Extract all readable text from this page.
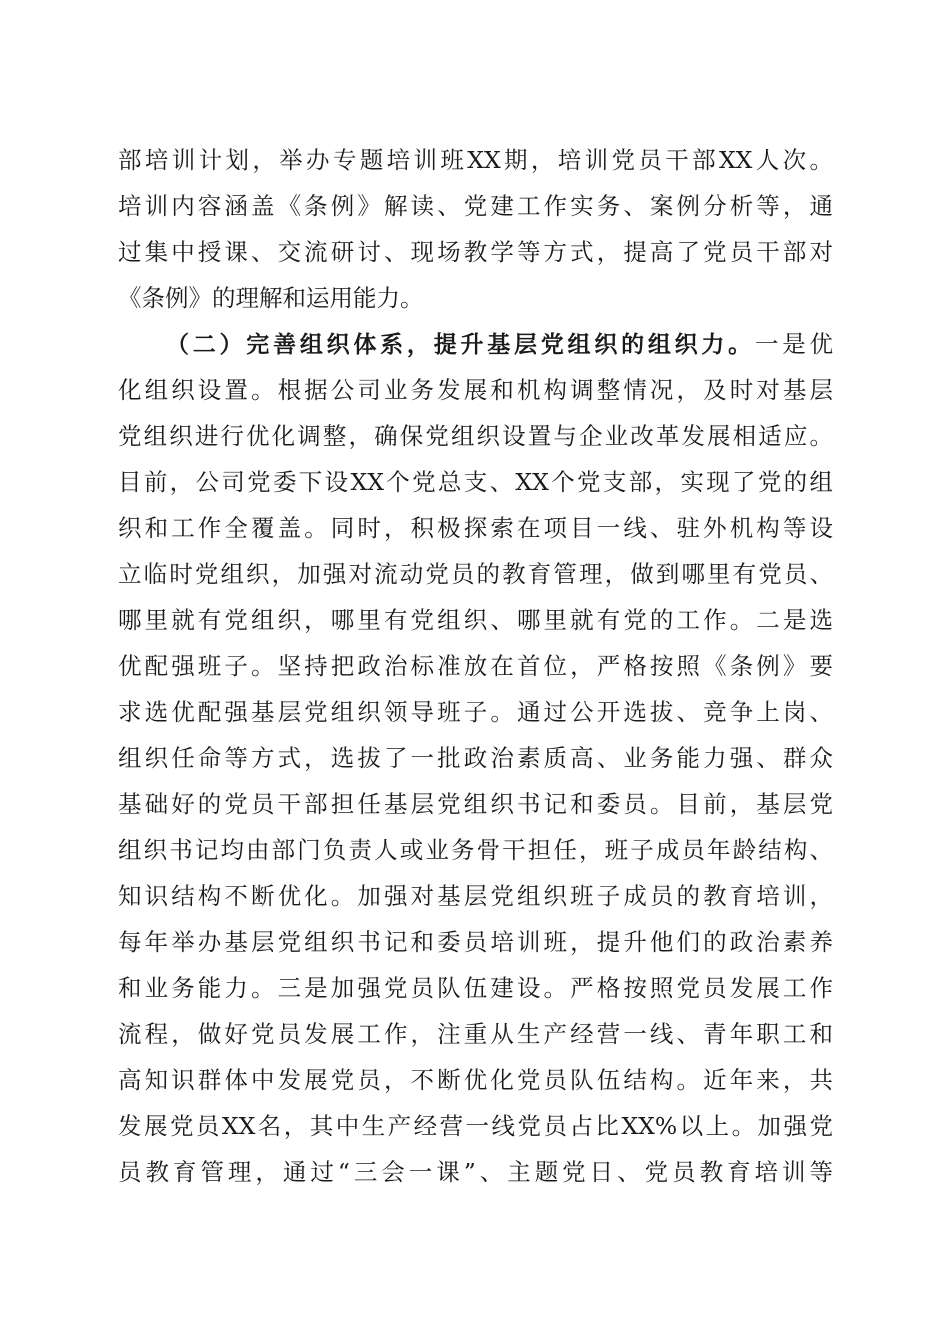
部培训计划，举办专题培训班XX期，培训党员干部XX人次。
培训内容涵盖《条例》解读、党建工作实务、案例分析等，通
过集中授课、交流研讨、现场教学等方式，提高了党员干部对
《条例》的理解和运用能力。
（二）完善组织体系，提升基层党组织的组织力。一是优
化组织设置。根据公司业务发展和机构调整情况，及时对基层
党组织进行优化调整，确保党组织设置与企业改革发展相适应。
目前，公司党委下设XX个党总支、XX个党支部，实现了党的组
织和工作全覆盖。同时，积极探索在项目一线、驻外机构等设
立临时党组织，加强对流动党员的教育管理，做到哪里有党员、
哪里就有党组织，哪里有党组织、哪里就有党的工作。二是选
优配强班子。坚持把政治标准放在首位，严格按照《条例》要
求选优配强基层党组织领导班子。通过公开选拔、竞争上岗、
组织任命等方式，选拔了一批政治素质高、业务能力强、群众
基础好的党员干部担任基层党组织书记和委员。目前，基层党
组织书记均由部门负责人或业务骨干担任，班子成员年龄结构、
知识结构不断优化。加强对基层党组织班子成员的教育培训，
每年举办基层党组织书记和委员培训班，提升他们的政治素养
和业务能力。三是加强党员队伍建设。严格按照党员发展工作
流程，做好党员发展工作，注重从生产经营一线、青年职工和
高知识群体中发展党员，不断优化党员队伍结构。近年来，共
发展党员XX名，其中生产经营一线党员占比XX%以上。加强党
员教育管理，通过“三会一课”、主题党日、党员教育培训等
